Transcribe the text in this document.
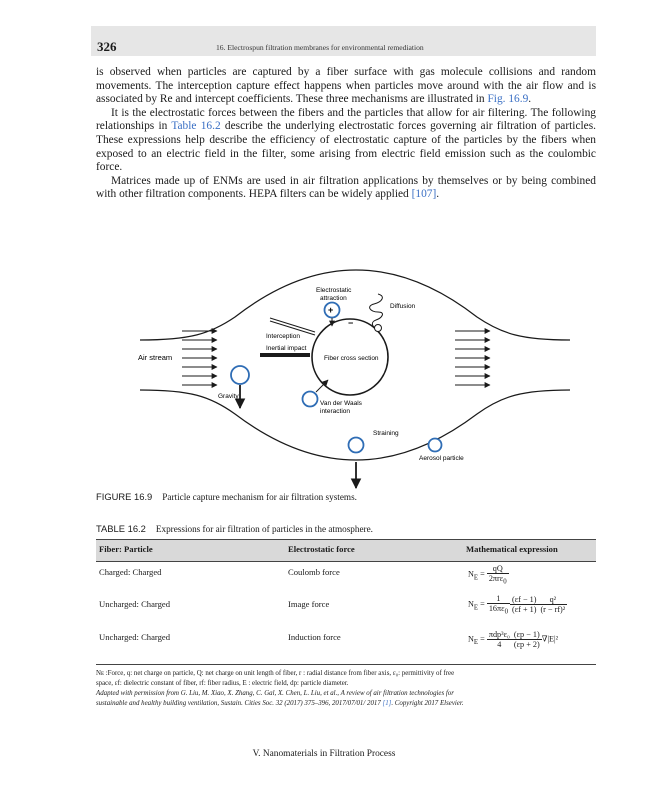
326	16. Electrospun filtration membranes for environmental remediation

is observed when particles are captured by a fiber surface with gas molecule collisions and random movements. The interception capture effect happens when particles move around with the air flow and is associated by Re and intercept coefficients. These three mechanisms are illustrated in Fig. 16.9.

It is the electrostatic forces between the fibers and the particles that allow for air filtering. The following relationships in Table 16.2 describe the underlying electrostatic forces governing air filtration of particles. These expressions help describe the efficiency of electrostatic capture of the particles by the fibers when exposed to an electric field in the filter, some arising from electric field emission such as the coulombic force.

Matrices made up of ENMs are used in air filtration applications by themselves or by being combined with other filtration components. HEPA filters can be widely applied [107].

Electrostatic
attraction
+
−
Diffusion
Interception
Inertial impact
Air stream	Fiber cross section
Gravity
Van der Waals
interaction
Straining
Aerosol particle
FIGURE 16.9 Particle capture mechanism for air filtration systems.
TABLE 16.2 Expressions for air filtration of particles in the atmosphere.
Fiber: Particle	Electrostatic force	Mathematical expression
Charged: Charged	Coulomb force	$N_E = \frac{qQ}{2\pi r\varepsilon_0}$
Uncharged: Charged	Image force	$N_E = \frac{1}{16\pi\varepsilon_0} \frac{(\varepsilon f - 1)}{(\varepsilon f + 1)} \frac{\text{q²}}{\text{(r − rf)²}}$
Uncharged: Charged	Induction force	$N_E = \frac{\text{πdp³ε₀}}{4} \frac{(\varepsilon p - 1)}{(\varepsilon p + 2)} \nabla|E|^2$
Nᴇ :Force, q: net charge on particle, Q: net charge on unit length of fiber, r : radial distance from fiber axis, ε₀: permittivity of free
space, εf: dielectric constant of fiber, rf: fiber radius, E : electric field, dp: particle diameter.
Adapted with permission from G. Liu, M. Xiao, X. Zhang, C. Gal, X. Chen, L. Liu, et al., A review of air filtration technologies for
sustainable and healthy building ventilation, Sustain. Cities Soc. 32 (2017) 375–396, 2017/07/01/ 2017 [1]. Copyright 2017 Elsevier.
V. Nanomaterials in Filtration Process
